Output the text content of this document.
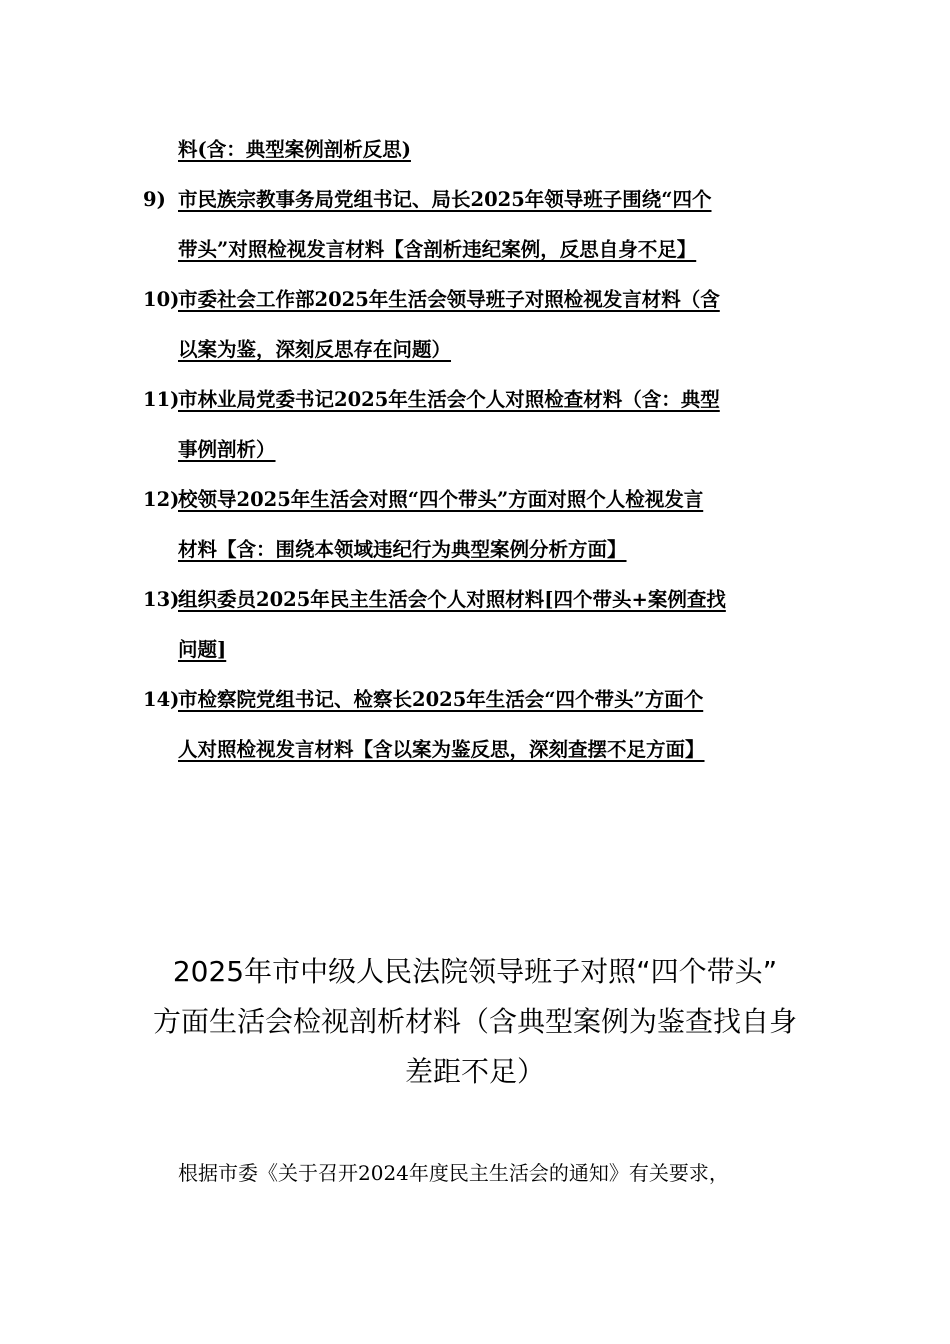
料(含：典型案例剖析反思)
9) 市民族宗教事务局党组书记、局长2025年领导班子围绕“四个
带头”对照检视发言材料【含剖析违纪案例，反思自身不足】
10)
市委社会工作部2025年生活会领导班子对照检视发言材料（含
以案为鉴，深刻反思存在问题）
11)
市林业局党委书记2025年生活会个人对照检查材料（含：典型
事例剖析）
12)
校领导2025年生活会对照“四个带头”方面对照个人检视发言
材料【含：围绕本领域违纪行为典型案例分析方面】
13)
组织委员2025年民主生活会个人对照材料[四个带头+案例查找
问题]
14)
市检察院党组书记、检察长2025年生活会“四个带头”方面个
人对照检视发言材料【含以案为鉴反思，深刻查摆不足方面】
2025年市中级人民法院领导班子对照“四个带头”
方面生活会检视剖析材料（含典型案例为鉴查找自身
差距不足）
根据市委《关于召开2024年度民主生活会的通知》有关要求，
